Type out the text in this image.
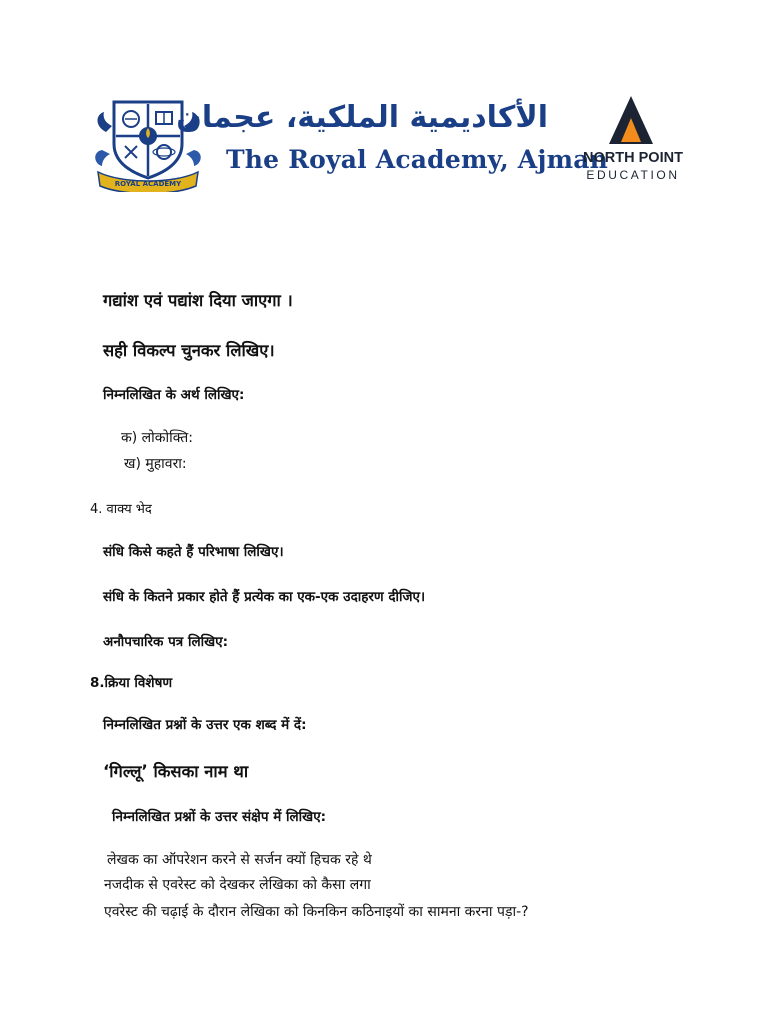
ROYAL ACADEMY
الأكاديمية الملكية، عجمان
The Royal Academy, Ajman
NORTH POINT
EDUCATION
गद्यांश एवं पद्यांश दिया जाएगा ।
सही विकल्प चुनकर लिखिए।
निम्नलिखित के अर्थ लिखिए:
क) लोकोक्ति:
ख) मुहावरा:
4. वाक्य भेद
संधि किसे कहते हैं परिभाषा लिखिए।
संधि के कितने प्रकार होते हैं प्रत्येक का एक-एक उदाहरण दीजिए।
अनौपचारिक पत्र लिखिए:
8.क्रिया विशेषण
निम्नलिखित प्रश्नों के उत्तर एक शब्द में दें:
‘गिल्लू’ किसका नाम था
निम्नलिखित प्रश्नों के उत्तर संक्षेप में लिखिए:
लेखक का ऑपरेशन करने से सर्जन क्यों हिचक रहे थे
नजदीक से एवरेस्ट को देखकर लेखिका को कैसा लगा
एवरेस्ट की चढ़ाई के दौरान लेखिका को किनकिन कठिनाइयों का सामना करना पड़ा-?
